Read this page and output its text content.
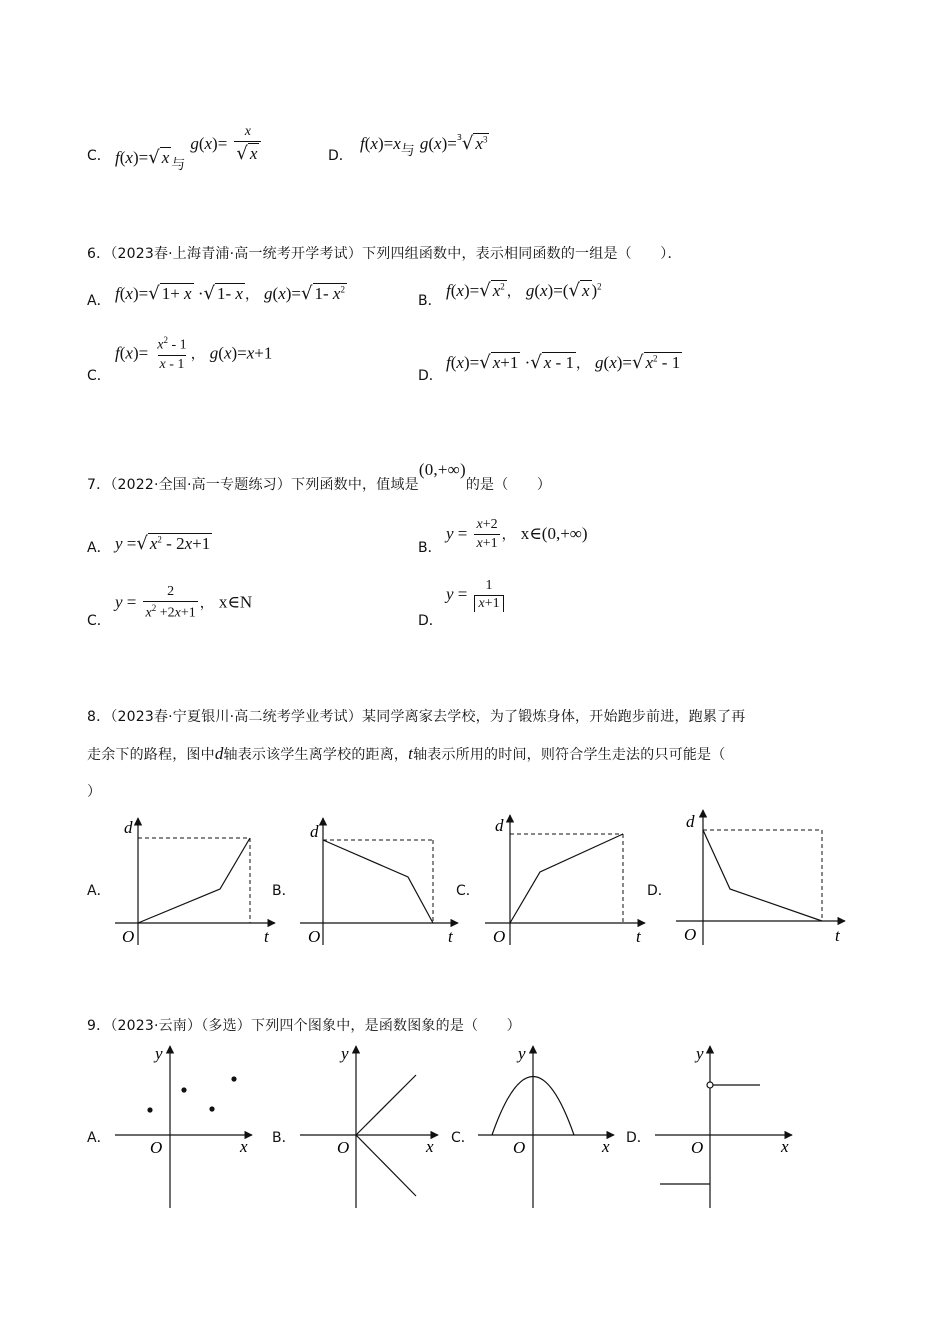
C． f(x)=√ x 与 $g(x)= \frac{x}{√ x}$	D．
f(x)=x与 g(x)=$^3$√ $x^3$
6．（2023春·上海青浦·高一统考开学考试）下列四组函数中，表示相同函数的一组是（　　）．
A． f(x)=√ 1+ x ·√ 1- x ， g(x)=√ 1- $x^2$
B．
f(x)=√ $x^2$ ， g(x)=(√ x )$^2$
C．
$f(x)= \frac{x^2 - 1}{x - 1}$ ， g(x)=x+1
D．
f(x)=√ x+1 ·√ x - 1 ， g(x)=√ $x^2 - 1$
7．（2022·全国·高一专题练习）下列函数中，值域是(0,+∞)的是（　　）
A． y =√ $x^2 - 2x+1$	B．
$y = \frac{x+2}{x+1}$ ， x∈(0,+∞)
C．
$y = \frac{2}{x^2 +2x+1}$ ， x∈N
D．
$y = \frac{1}{x+1}$
8．（2023春·宁夏银川·高二统考学业考试）某同学离家去学校，为了锻炼身体，开始跑步前进，跑累了再
走余下的路程，图中d轴表示该学生离学校的距离，t轴表示所用的时间，则符合学生走法的只可能是（
）
A．	B．	C．	D．
d
t
O
d
t
O
d
t
O
d
t
O
9．（2023·云南）（多选）下列四个图象中，是函数图象的是（　　）
A．	B．	C．	D．
y
x
O
y
x
O
y
x
O
y
x
O
